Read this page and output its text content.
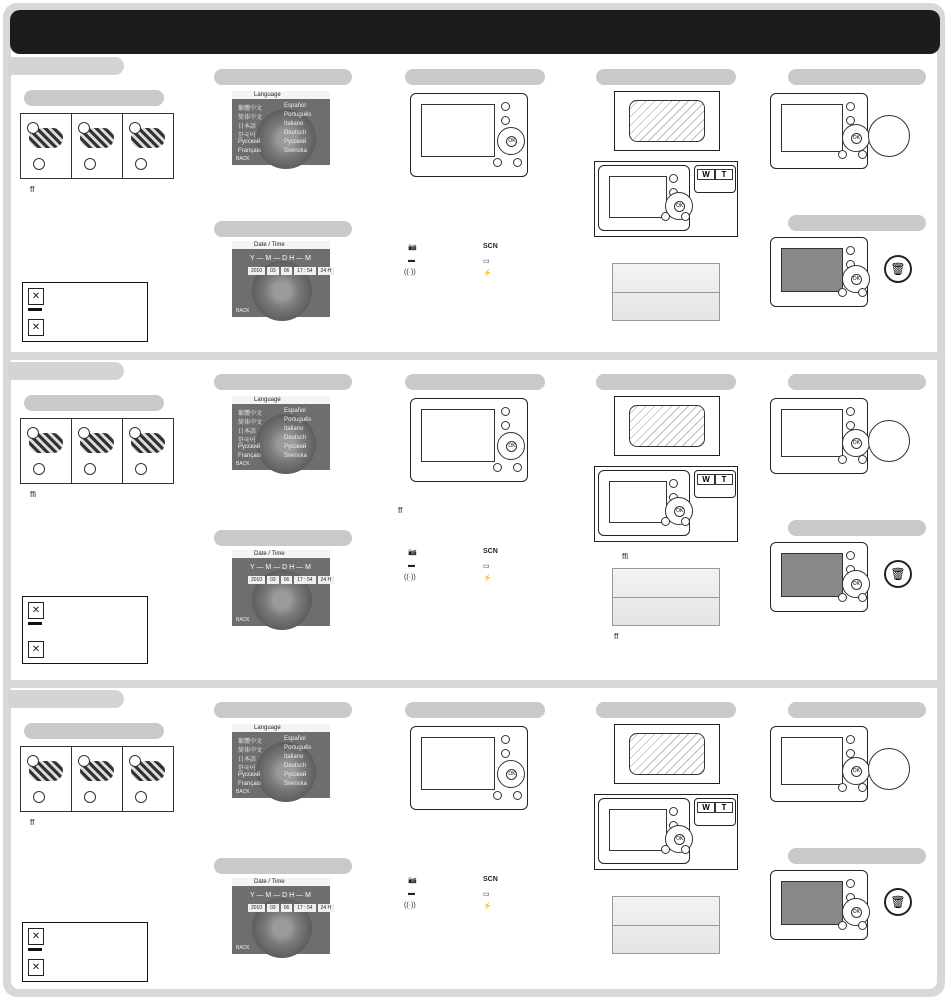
ff
✕
✕
Language
繁體中文	Español
简体中文	Português
日本語	Italiano
한국어	Deutsch
Русский	Русский
Français	Svenska
BACK
Date / Time
Y — M — D H — M
2010 03 06 17 : 54 24 H
BACK
OK
📷	SCN
▬	▭
((·))	⚡
OK
W	T
OK
OK
🗑
ffi
✕
✕
Language
繁體中文	Español
简体中文	Português
日本語	Italiano
한국어	Deutsch
Русский	Русский
Français	Svenska
BACK
Date / Time
Y — M — D H — M
2010 03 06 17 : 54 24 H
BACK
OK
📷	SCN
▬	▭
((·))	⚡
ff	OK
W	T
ffi
ff
OK
OK
🗑
ff
✕
✕
Language
繁體中文	Español
简体中文	Português
日本語	Italiano
한국어	Deutsch
Русский	Русский
Français	Svenska
BACK
Date / Time
Y — M — D H — M
2010 03 06 17 : 54 24 H
BACK
OK
📷	SCN
▬	▭
((·))	⚡
OK
W	T
OK
OK
🗑
